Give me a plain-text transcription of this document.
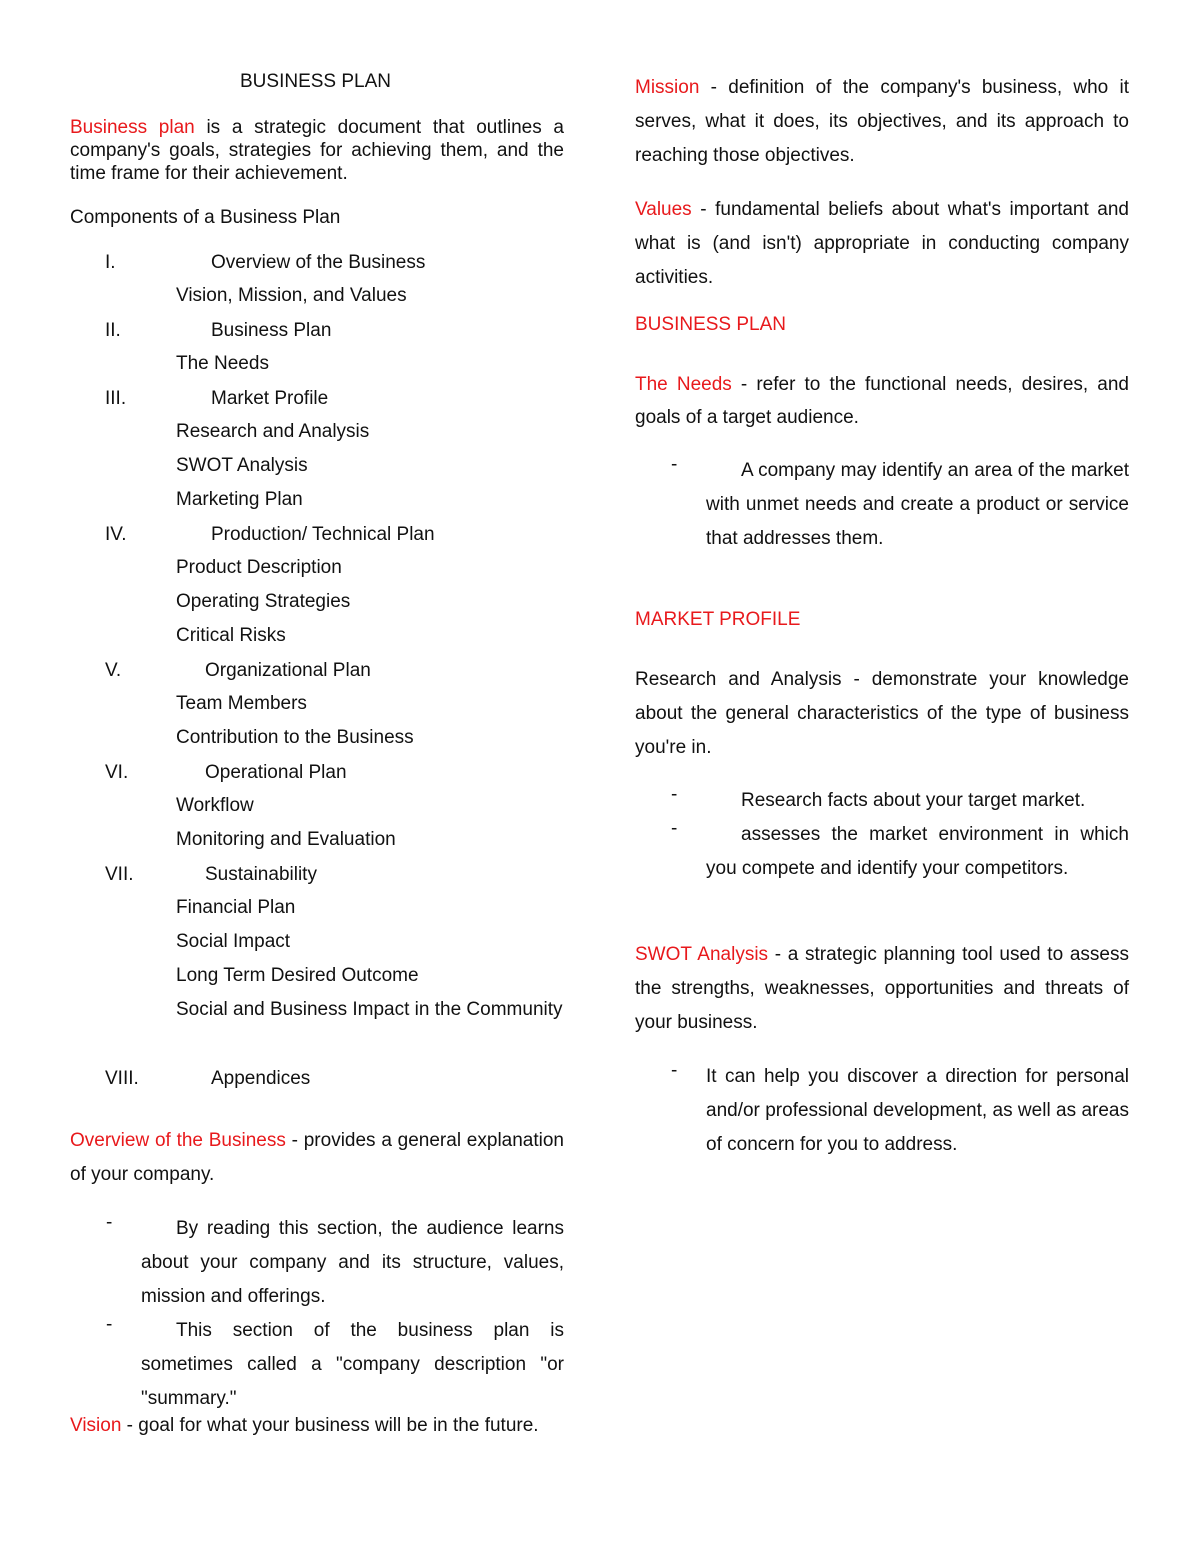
BUSINESS PLAN
Business plan is a strategic document that outlines a company's goals, strategies for achieving them, and the time frame for their achievement.
Components of a Business Plan
I.	Overview of the Business
Vision, Mission, and Values
II.	Business Plan
The Needs
III.	Market Profile
Research and Analysis
SWOT Analysis
Marketing Plan
IV.	Production/ Technical Plan
Product Description
Operating Strategies
Critical Risks
V.	Organizational Plan
Team Members
Contribution to the Business
VI.	Operational Plan
Workflow
Monitoring and Evaluation
VII.	Sustainability
Financial Plan
Social Impact
Long Term Desired Outcome
Social and Business Impact in the Community
VIII.	Appendices
Overview of the Business - provides a general explanation of your company.
-	By reading this section, the audience learns about your company and its structure, values, mission and offerings.
-	This section of the business plan is sometimes called a "company description "or "summary."
Vision - goal for what your business will be in the future.
Mission - definition of the company's business, who it serves, what it does, its objectives, and its approach to reaching those objectives.
Values - fundamental beliefs about what's important and what is (and isn't) appropriate in conducting company activities.
BUSINESS PLAN
The Needs - refer to the functional needs, desires, and goals of a target audience.
-	A company may identify an area of the market with unmet needs and create a product or service that addresses them.
MARKET PROFILE
Research and Analysis - demonstrate your knowledge about the general characteristics of the type of business you're in.
-	Research facts about your target market.
-	assesses the market environment in which you compete and identify your competitors.
SWOT Analysis - a strategic planning tool used to assess the strengths, weaknesses, opportunities and threats of your business.
- It can help you discover a direction for personal and/or professional development, as well as areas of concern for you to address.
